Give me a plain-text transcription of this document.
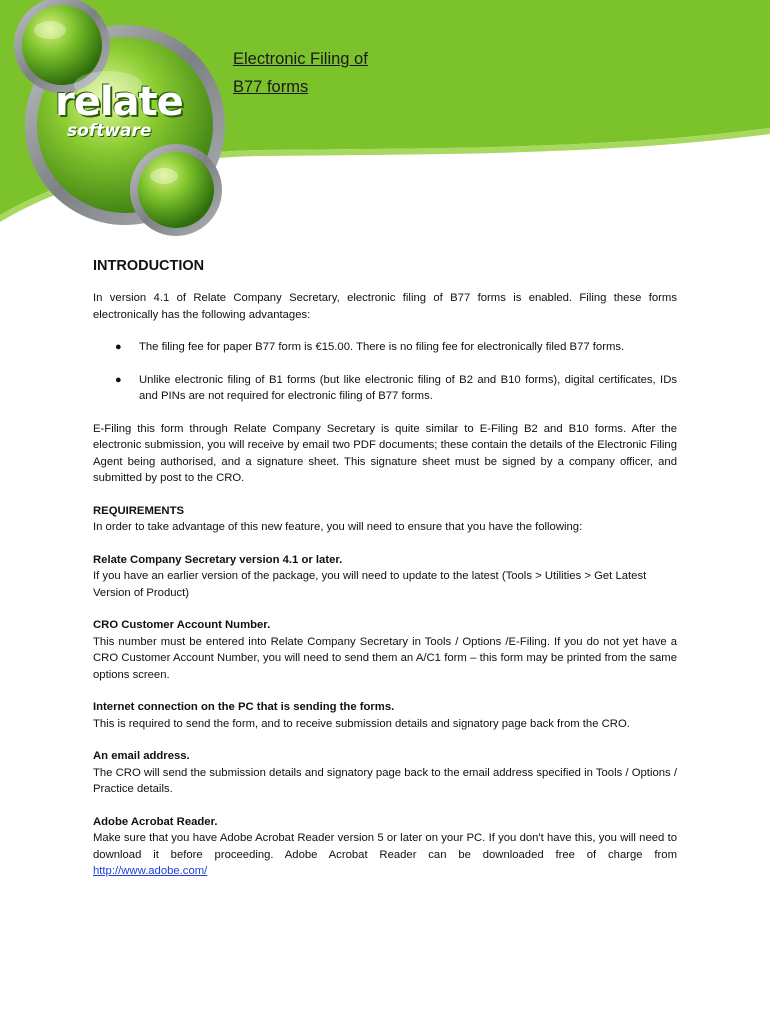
relate
software
Electronic Filing of
B77 forms
INTRODUCTION

In version 4.1 of Relate Company Secretary, electronic filing of B77 forms is enabled. Filing these forms electronically has the following advantages:

● The filing fee for paper B77 form is €15.00. There is no filing fee for electronically filed B77 forms.
● Unlike electronic filing of B1 forms (but like electronic filing of B2 and B10 forms), digital certificates, IDs and PINs are not required for electronic filing of B77 forms.

E-Filing this form through Relate Company Secretary is quite similar to E-Filing B2 and B10 forms. After the electronic submission, you will receive by email two PDF documents; these contain the details of the Electronic Filing Agent being authorised, and a signature sheet. This signature sheet must be signed by a company officer, and submitted by post to the CRO.

REQUIREMENTS

In order to take advantage of this new feature, you will need to ensure that you have the following:

Relate Company Secretary version 4.1 or later.

If you have an earlier version of the package, you will need to update to the latest (Tools > Utilities > Get Latest Version of Product)

CRO Customer Account Number.

This number must be entered into Relate Company Secretary in Tools / Options /E-Filing. If you do not yet have a CRO Customer Account Number, you will need to send them an A/C1 form – this form may be printed from the same options screen.

Internet connection on the PC that is sending the forms.

This is required to send the form, and to receive submission details and signatory page back from the CRO.

An email address.

The CRO will send the submission details and signatory page back to the email address specified in Tools / Options / Practice details.

Adobe Acrobat Reader.

Make sure that you have Adobe Acrobat Reader version 5 or later on your PC. If you don't have this, you will need to download it before proceeding. Adobe Acrobat Reader can be downloaded free of charge from http://www.adobe.com/
